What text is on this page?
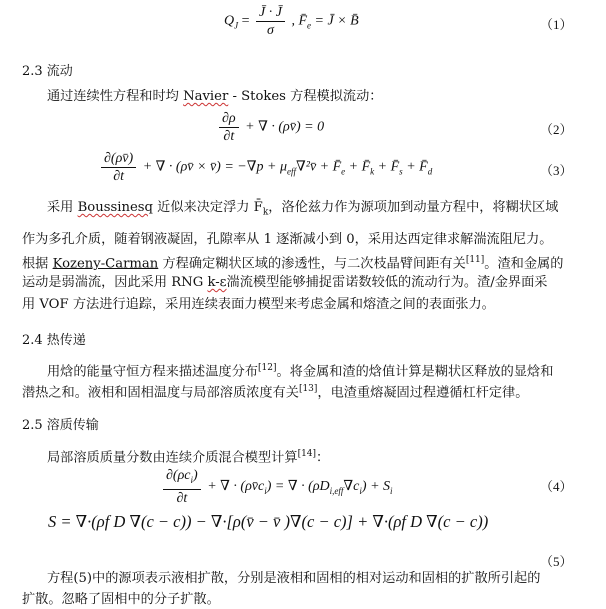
$Q_J = \frac{J̄ \cdot J̄}{\sigma}$ , $F̄_e$ = J̄ × B̄	（1）
2.3 流动
通过连续性方程和时均 Navier - Stokes 方程模拟流动：
$\frac{\partial\rho}{\partial t}$ + ∇ · (ρv̄) = 0	（2）
$\frac{\partial(\rho v̄)}{\partial t}$ + ∇ · (ρv̄ × v̄) = $-\nabla p + \mu_{eff}\nabla^2v̄$ + $F̄_e$ + $F̄_k$ + $F̄_s$ + $F̄_d$	（3）
采用 Boussinesq 近似来决定浮力 $F̄_k$，洛伦兹力作为源项加到动量方程中，将糊状区域
作为多孔介质，随着钢液凝固，孔隙率从 1 逐渐减小到 0，采用达西定律求解湍流阻尼力。
根据 Kozeny-Carman 方程确定糊状区域的渗透性，与二次枝晶臂间距有关[11]。渣和金属的
运动是弱湍流，因此采用 RNG k-ε湍流模型能够捕捉雷诺数较低的流动行为。渣/金界面采
用 VOF 方法进行追踪，采用连续表面力模型来考虑金属和熔渣之间的表面张力。
2.4 热传递
用焓的能量守恒方程来描述温度分布[12]。将金属和渣的焓值计算是糊状区释放的显焓和
潜热之和。液相和固相温度与局部溶质浓度有关[13]，电渣重熔凝固过程遵循杠杆定律。
2.5 溶质传输
局部溶质质量分数由连续介质混合模型计算[14]：
$\frac{\partial(\rho c_i)}{\partial t}$ + ∇ · $(\rho v̄c_i)$ = ∇ · $(\rho D_{i,eff}\nabla c_i) + S_i$	（4）
S = ∇·(ρf D ∇(c − c)) − ∇·[ρ(v̄ − v̄ )∇(c − c)] + ∇·(ρf D ∇(c − c))
（5）
方程(5)中的源项表示液相扩散，分别是液相和固相的相对运动和固相的扩散所引起的
扩散。忽略了固相中的分子扩散。
